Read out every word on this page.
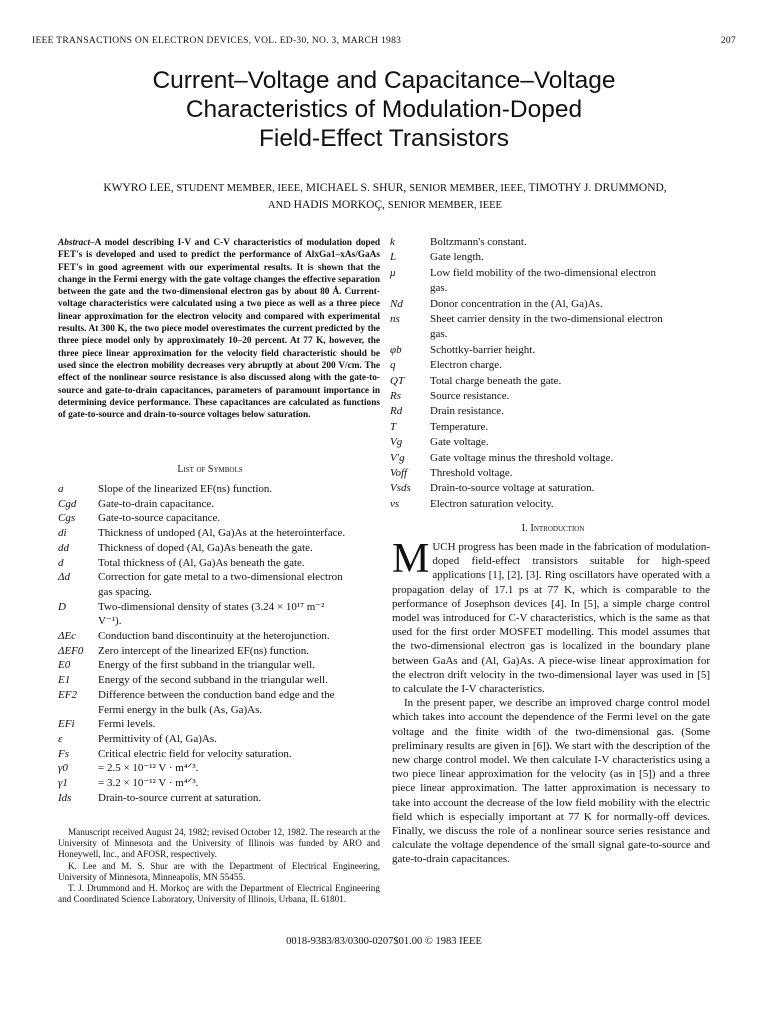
IEEE TRANSACTIONS ON ELECTRON DEVICES, VOL. ED-30, NO. 3, MARCH 1983	207
Current–Voltage and Capacitance–Voltage
Characteristics of Modulation-Doped
Field-Effect Transistors
KWYRO LEE, STUDENT MEMBER, IEEE, MICHAEL S. SHUR, SENIOR MEMBER, IEEE, TIMOTHY J. DRUMMOND,
AND HADIS MORKOÇ, SENIOR MEMBER, IEEE
Abstract–A model describing I-V and C-V characteristics of modulation doped FET's is developed and used to predict the performance of AlxGa1–xAs/GaAs FET's in good agreement with our experimental results. It is shown that the change in the Fermi energy with the gate voltage changes the effective separation between the gate and the two-dimensional electron gas by about 80 Å. Current-voltage characteristics were calculated using a two piece as well as a three piece linear approximation for the electron velocity and compared with experimental results. At 300 K, the two piece model overestimates the current predicted by the three piece model only by approximately 10–20 percent. At 77 K, however, the three piece linear approximation for the velocity field characteristic should be used since the electron mobility decreases very abruptly at about 200 V/cm. The effect of the nonlinear source resistance is also discussed along with the gate-to-source and gate-to-drain capacitances, parameters of paramount importance in determining device performance. These capacitances are calculated as functions of gate-to-source and drain-to-source voltages below saturation.
List of Symbols
a	Slope of the linearized EF(ns) function.
Cgd Gate-to-drain capacitance.
Cgs Gate-to-source capacitance.
di	Thickness of undoped (Al, Ga)As at the heterointerface.
dd	Thickness of doped (Al, Ga)As beneath the gate.
d	Total thickness of (Al, Ga)As beneath the gate.
Δd	Correction for gate metal to a two-dimensional electron
gas spacing.
D	Two-dimensional density of states (3.24 × 10¹⁷ m⁻²
V⁻¹).
ΔEc Conduction band discontinuity at the heterojunction.
ΔEF0 Zero intercept of the linearized EF(ns) function.
E0	Energy of the first subband in the triangular well.
E1	Energy of the second subband in the triangular well.
EF2 Difference between the conduction band edge and the
Fermi energy in the bulk (As, Ga)As.
EFi Fermi levels.
ε	Permittivity of (Al, Ga)As.
Fs	Critical electric field for velocity saturation.
γ0	= 2.5 × 10⁻¹² V · m⁴ᐟ³.
γ1	= 3.2 × 10⁻¹² V · m⁴ᐟ³.
Ids Drain-to-source current at saturation.
k	Boltzmann's constant.
L	Gate length.
μ	Low field mobility of the two-dimensional electron
gas.
Nd Donor concentration in the (Al, Ga)As.
ns	Sheet carrier density in the two-dimensional electron
gas.
φb	Schottky-barrier height.
q	Electron charge.
QT Total charge beneath the gate.
Rs	Source resistance.
Rd	Drain resistance.
T	Temperature.
Vg	Gate voltage.
V'g Gate voltage minus the threshold voltage.
Voff Threshold voltage.
Vsds Drain-to-source voltage at saturation.
vs	Electron saturation velocity.
Manuscript received August 24, 1982; revised October 12, 1982. The research at the University of Minnesota and the University of Illinois was funded by ARO and Honeywell, Inc., and AFOSR, respectively.
K. Lee and M. S. Shur are with the Department of Electrical Engineering, University of Minnesota, Minneapolis, MN 55455.
T. J. Drummond and H. Morkoç are with the Department of Electrical Engineering and Coordinated Science Laboratory, University of Illinois, Urbana, IL 61801.
I. Introduction

MUCH progress has been made in the fabrication of modulation-doped field-effect transistors suitable for high-speed applications [1], [2], [3]. Ring oscillators have operated with a propagation delay of 17.1 ps at 77 K, which is comparable to the performance of Josephson devices [4]. In [5], a simple charge control model was introduced for C-V characteristics, which is the same as that used for the first order MOSFET modelling. This model assumes that the two-dimensional electron gas is localized in the boundary plane between GaAs and (Al, Ga)As. A piece-wise linear approximation for the electron drift velocity in the two-dimensional layer was used in [5] to calculate the I-V characteristics.

In the present paper, we describe an improved charge control model which takes into account the dependence of the Fermi level on the gate voltage and the finite width of the two-dimensional gas. (Some preliminary results are given in [6]). We start with the description of the new charge control model. We then calculate I-V characteristics using a two piece linear approximation for the velocity (as in [5]) and a three piece linear approximation. The latter approximation is necessary to take into account the decrease of the low field mobility with the electric field which is especially important at 77 K for normally-off devices. Finally, we discuss the role of a nonlinear source series resistance and calculate the voltage dependence of the small signal gate-to-source and gate-to-drain capacitances.

0018-9383/83/0300-0207$01.00 © 1983 IEEE
